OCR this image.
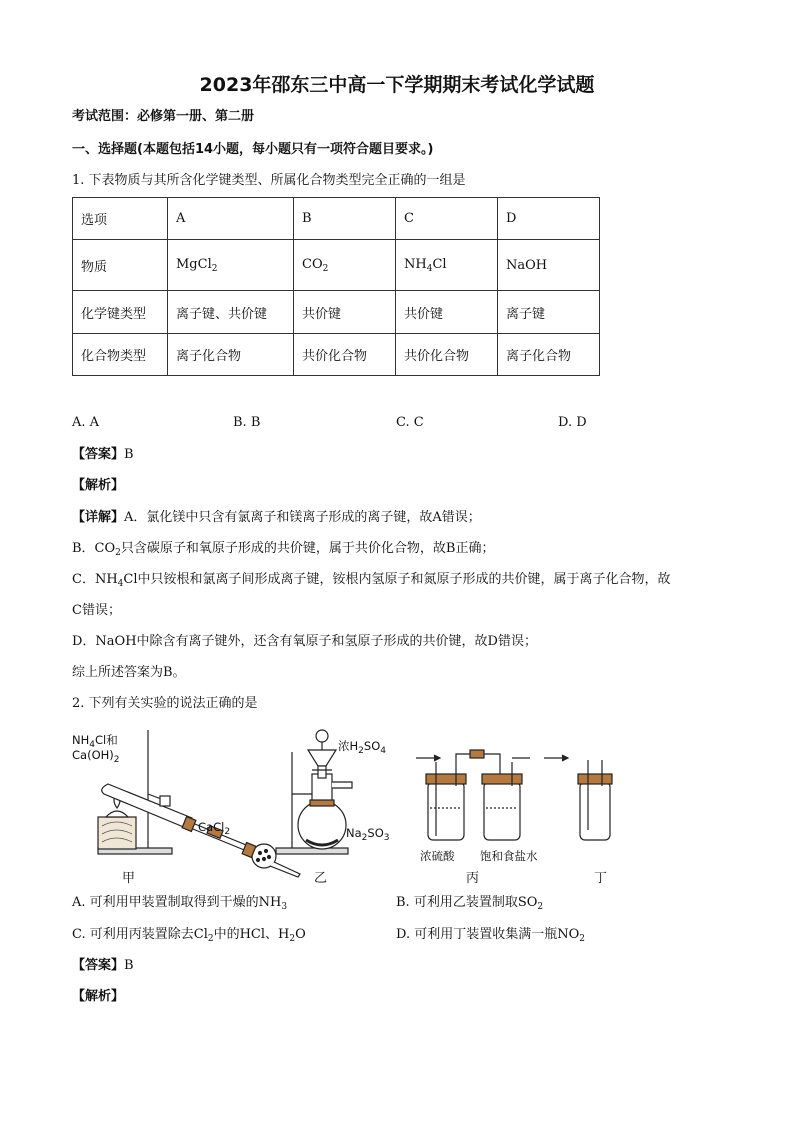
2023年邵东三中高一下学期期末考试化学试题
考试范围：必修第一册、第二册
一、选择题(本题包括14小题，每小题只有一项符合题目要求。)
1. 下表物质与其所含化学键类型、所属化合物类型完全正确的一组是
选项	A	B	C	D
物质	MgCl$_2$	$CO_2$	$NH_4Cl$	NaOH
化学键类型	离子键、共价键	共价键	共价键	离子键
化合物类型	离子化合物	共价化合物	共价化合物	离子化合物
A. A	B. B	C. C	D. D
【答案】B
【解析】
【详解】A．氯化镁中只含有氯离子和镁离子形成的离子键，故A错误；
B．$CO_2$只含碳原子和氧原子形成的共价键，属于共价化合物，故B正确；
C．$NH_4Cl$中只铵根和氯离子间形成离子键，铵根内氢原子和氮原子形成的共价键，属于离子化合物，故
C错误；
D．NaOH中除含有离子键外，还含有氧原子和氢原子形成的共价键，故D错误；
综上所述答案为B。
2. 下列有关实验的说法正确的是
$NH_4Cl$和
$Ca(OH)_2$
CaCl$_2$
浓$H_2SO_4$
$Na_2SO_3$
浓硫酸 饱和食盐水
甲	乙	丙	丁
A. 可利用甲装置制取得到干燥的$NH_3$	B. 可利用乙装置制取$SO_2$
C. 可利用丙装置除去$Cl_2$中的HCl、$H_2O$	D. 可利用丁装置收集满一瓶$NO_2$
【答案】B
【解析】
